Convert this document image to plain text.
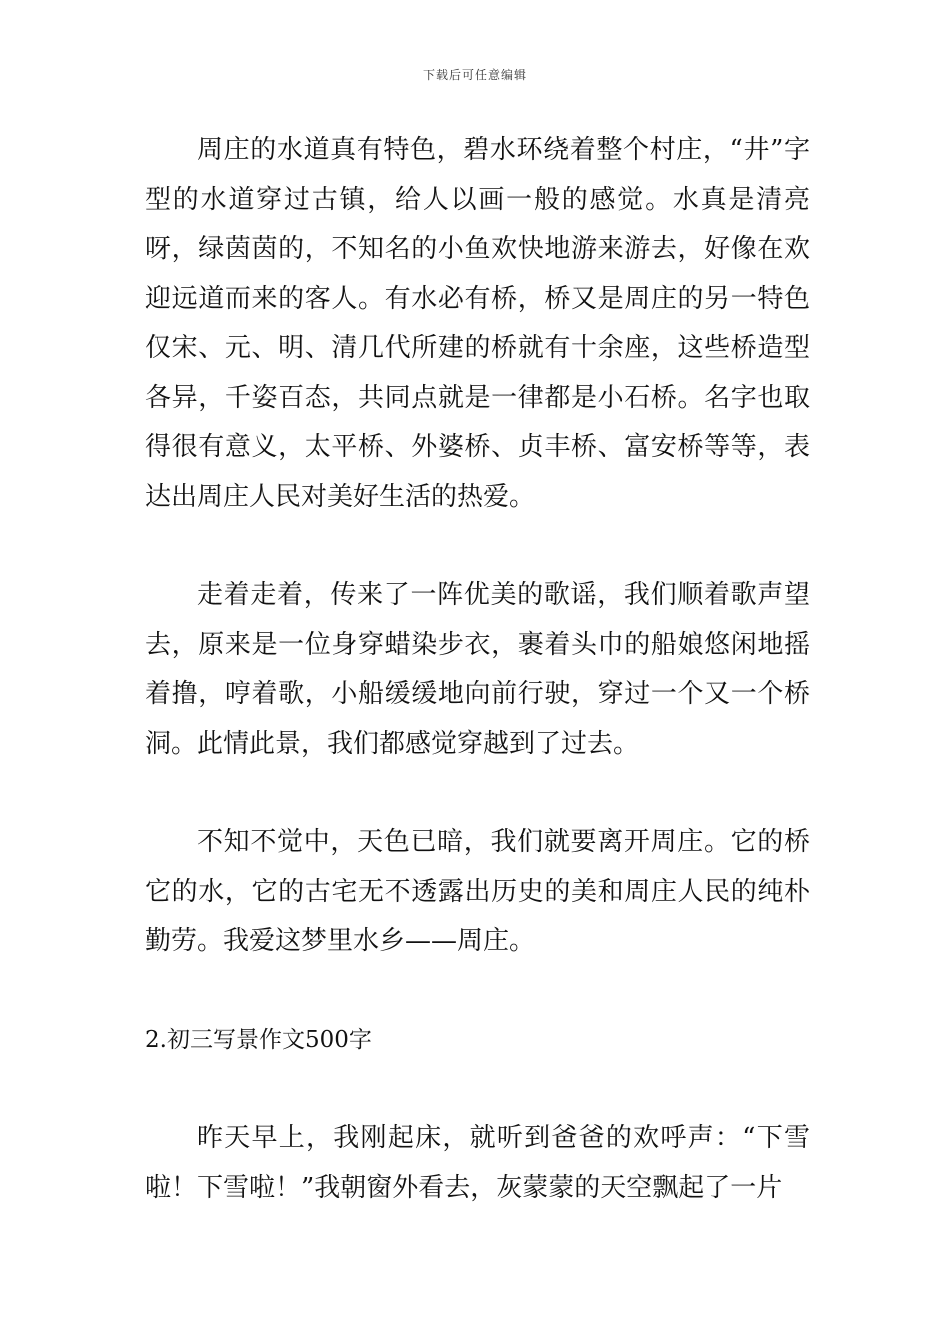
下载后可任意编辑

周庄的水道真有特色，碧水环绕着整个村庄，“井”字型的水道穿过古镇，给人以画一般的感觉。水真是清亮呀，绿茵茵的，不知名的小鱼欢快地游来游去，好像在欢迎远道而来的客人。有水必有桥，桥又是周庄的另一特色仅宋、元、明、清几代所建的桥就有十余座，这些桥造型各异，千姿百态，共同点就是一律都是小石桥。名字也取得很有意义，太平桥、外婆桥、贞丰桥、富安桥等等，表达出周庄人民对美好生活的热爱。

走着走着，传来了一阵优美的歌谣，我们顺着歌声望去，原来是一位身穿蜡染步衣，裹着头巾的船娘悠闲地摇着撸，哼着歌，小船缓缓地向前行驶，穿过一个又一个桥洞。此情此景，我们都感觉穿越到了过去。

不知不觉中，天色已暗，我们就要离开周庄。它的桥它的水，它的古宅无不透露出历史的美和周庄人民的纯朴勤劳。我爱这梦里水乡——周庄。

2.初三写景作文500字

昨天早上，我刚起床，就听到爸爸的欢呼声：“下雪啦！下雪啦！”我朝窗外看去，灰蒙蒙的天空飘起了一片
